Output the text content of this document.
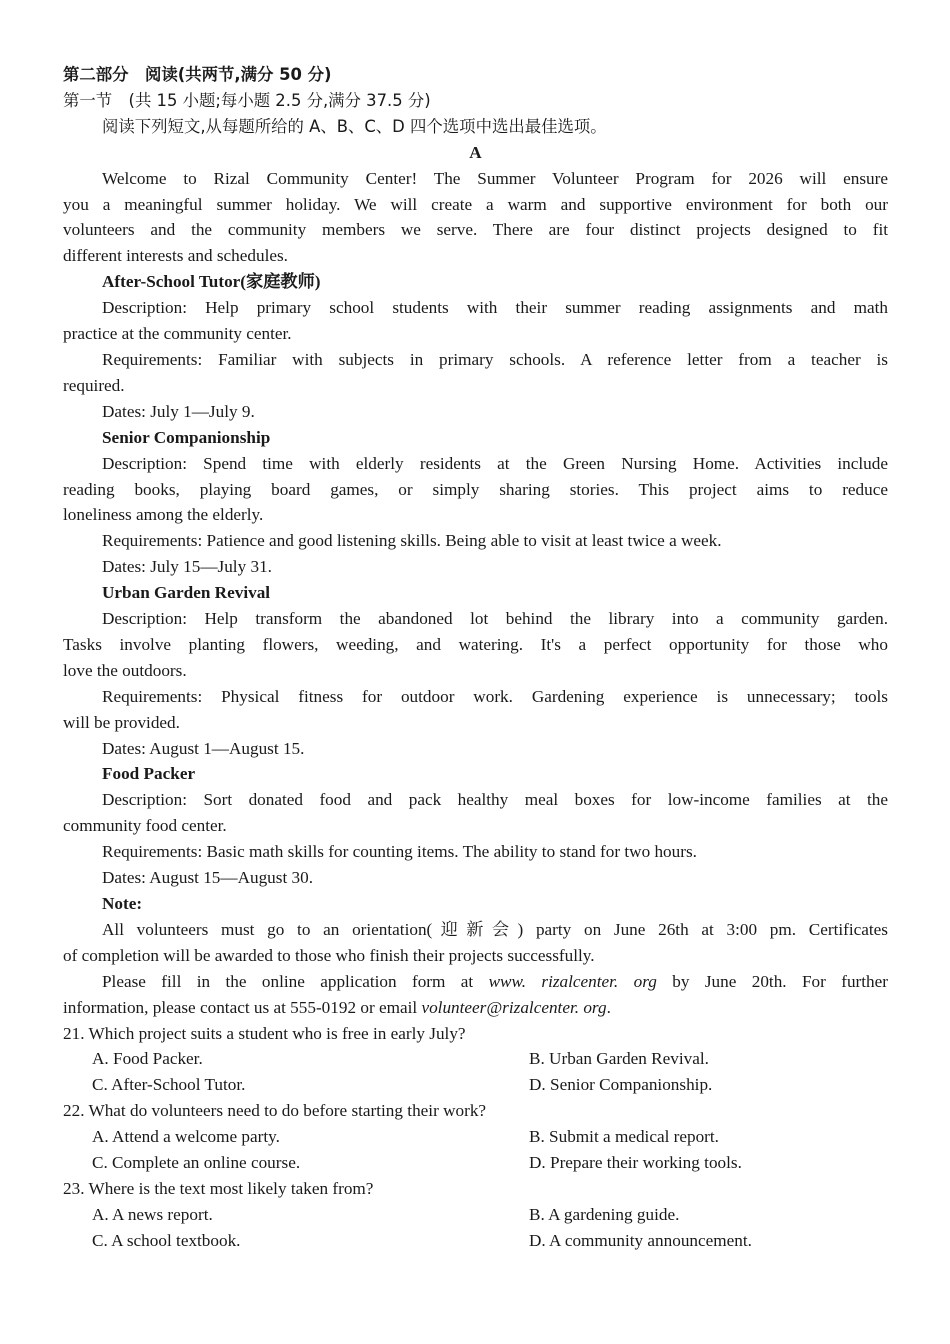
第二部分　阅读(共两节,满分 50 分)
第一节　(共 15 小题;每小题 2.5 分,满分 37.5 分)
阅读下列短文,从每题所给的 A、B、C、D 四个选项中选出最佳选项。
A
Welcome to Rizal Community Center! The Summer Volunteer Program for 2026 will ensure
you a meaningful summer holiday. We will create a warm and supportive environment for both our
volunteers and the community members we serve. There are four distinct projects designed to fit
different interests and schedules.
After-School Tutor(家庭教师)
Description: Help primary school students with their summer reading assignments and math
practice at the community center.
Requirements: Familiar with subjects in primary schools. A reference letter from a teacher is
required.
Dates: July 1—July 9.
Senior Companionship
Description: Spend time with elderly residents at the Green Nursing Home. Activities include
reading books, playing board games, or simply sharing stories. This project aims to reduce
loneliness among the elderly.
Requirements: Patience and good listening skills. Being able to visit at least twice a week.
Dates: July 15—July 31.
Urban Garden Revival
Description: Help transform the abandoned lot behind the library into a community garden.
Tasks involve planting flowers, weeding, and watering. It's a perfect opportunity for those who
love the outdoors.
Requirements: Physical fitness for outdoor work. Gardening experience is unnecessary; tools
will be provided.
Dates: August 1—August 15.
Food Packer
Description: Sort donated food and pack healthy meal boxes for low-income families at the
community food center.
Requirements: Basic math skills for counting items. The ability to stand for two hours.
Dates: August 15—August 30.
Note:
All volunteers must go to an orientation(迎新会) party on June 26th at 3:00 pm. Certificates
of completion will be awarded to those who finish their projects successfully.
Please fill in the online application form at www. rizalcenter. org by June 20th. For further
information, please contact us at 555-0192 or email volunteer@rizalcenter. org.
21. Which project suits a student who is free in early July?
A. Food Packer.	B. Urban Garden Revival.
C. After-School Tutor.	D. Senior Companionship.
22. What do volunteers need to do before starting their work?
A. Attend a welcome party.	B. Submit a medical report.
C. Complete an online course.	D. Prepare their working tools.
23. Where is the text most likely taken from?
A. A news report.	B. A gardening guide.
C. A school textbook.	D. A community announcement.
